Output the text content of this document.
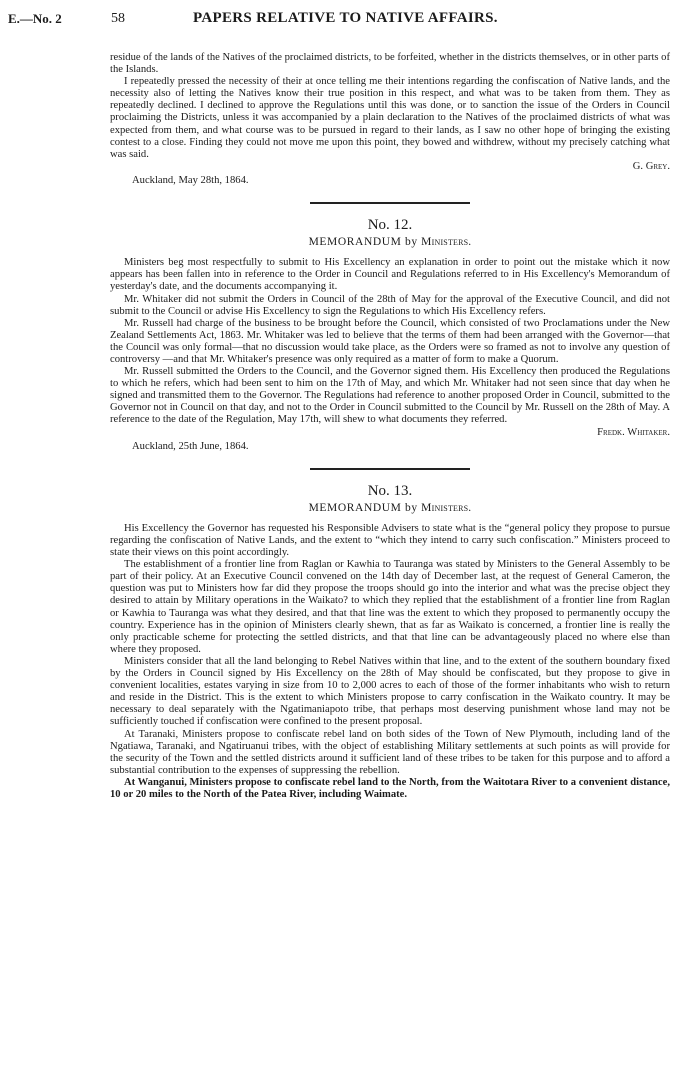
E.—No. 2	58	PAPERS RELATIVE TO NATIVE AFFAIRS.

residue of the lands of the Natives of the proclaimed districts, to be forfeited, whether in the districts themselves, or in other parts of the Islands.

I repeatedly pressed the necessity of their at once telling me their intentions regarding the confiscation of Native lands, and the necessity also of letting the Natives know their true position in this respect, and what was to be taken from them. They as repeatedly declined. I declined to approve the Regulations until this was done, or to sanction the issue of the Orders in Council proclaiming the Districts, unless it was accompanied by a plain declaration to the Natives of the proclaimed districts of what was expected from them, and what course was to be pursued in regard to their lands, as I saw no other hope of bringing the existing contest to a close. Finding they could not move me upon this point, they bowed and withdrew, without my precisely catching what was said.

G. Grey.

Auckland, May 28th, 1864.

No. 12.
MEMORANDUM by Ministers.

Ministers beg most respectfully to submit to His Excellency an explanation in order to point out the mistake which it now appears has been fallen into in reference to the Order in Council and Regulations referred to in His Excellency's Memorandum of yesterday's date, and the documents accompanying it.

Mr. Whitaker did not submit the Orders in Council of the 28th of May for the approval of the Executive Council, and did not submit to the Council or advise His Excellency to sign the Regulations to which His Excellency refers.

Mr. Russell had charge of the business to be brought before the Council, which consisted of two Proclamations under the New Zealand Settlements Act, 1863. Mr. Whitaker was led to believe that the terms of them had been arranged with the Governor—that the Council was only formal—that no discussion would take place, as the Orders were so framed as not to involve any question of controversy —and that Mr. Whitaker's presence was only required as a matter of form to make a Quorum.

Mr. Russell submitted the Orders to the Council, and the Governor signed them. His Excellency then produced the Regulations to which he refers, which had been sent to him on the 17th of May, and which Mr. Whitaker had not seen since that day when he signed and transmitted them to the Governor. The Regulations had reference to another proposed Order in Council, submitted to the Governor not in Council on that day, and not to the Order in Council submitted to the Council by Mr. Russell on the 28th of May. A reference to the date of the Regulation, May 17th, will shew to what documents they referred.

Fredk. Whitaker.

Auckland, 25th June, 1864.

No. 13.
MEMORANDUM by Ministers.

His Excellency the Governor has requested his Responsible Advisers to state what is the “general policy they propose to pursue regarding the confiscation of Native Lands, and the extent to “which they intend to carry such confiscation.” Ministers proceed to state their views on this point accordingly.

The establishment of a frontier line from Raglan or Kawhia to Tauranga was stated by Ministers to the General Assembly to be part of their policy. At an Executive Council convened on the 14th day of December last, at the request of General Cameron, the question was put to Ministers how far did they propose the troops should go into the interior and what was the precise object they desired to attain by Military operations in the Waikato? to which they replied that the establishment of a frontier line from Raglan or Kawhia to Tauranga was what they desired, and that that line was the extent to which they proposed to permanently occupy the country. Experience has in the opinion of Ministers clearly shewn, that as far as Waikato is concerned, a frontier line is really the only practicable scheme for protecting the settled districts, and that that line can be advantageously placed no where else than where they proposed.

Ministers consider that all the land belonging to Rebel Natives within that line, and to the extent of the southern boundary fixed by the Orders in Council signed by His Excellency on the 28th of May should be confiscated, but they propose to give in convenient localities, estates varying in size from 10 to 2,000 acres to each of those of the former inhabitants who wish to return and reside in the District. This is the extent to which Ministers propose to carry confiscation in the Waikato country. It may be necessary to deal separately with the Ngatimaniapoto tribe, that perhaps most deserving punishment whose land may not be sufficiently touched if confiscation were confined to the present proposal.

At Taranaki, Ministers propose to confiscate rebel land on both sides of the Town of New Plymouth, including land of the Ngatiawa, Taranaki, and Ngatiruanui tribes, with the object of establishing Military settlements at such points as will provide for the security of the Town and the settled districts around it sufficient land of these tribes to be taken for this purpose and to afford a substantial contribution to the expenses of suppressing the rebellion.

At Wanganui, Ministers propose to confiscate rebel land to the North, from the Waitotara River to a convenient distance, 10 or 20 miles to the North of the Patea River, including Waimate.
